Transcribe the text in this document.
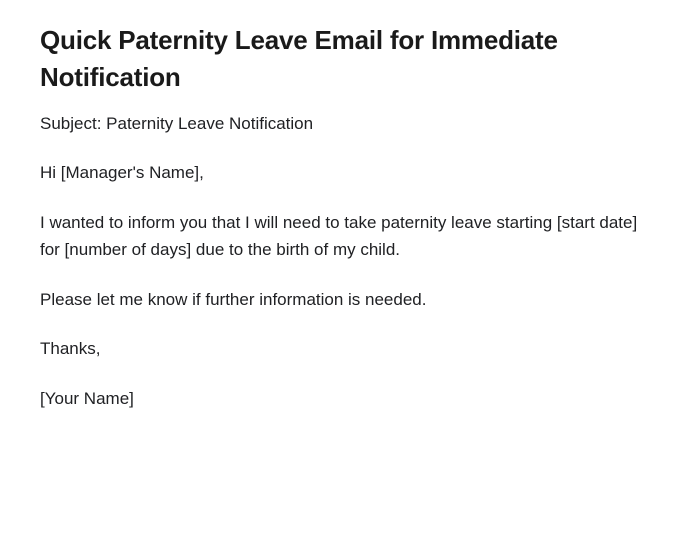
Quick Paternity Leave Email for Immediate Notification

Subject: Paternity Leave Notification

Hi [Manager's Name],

I wanted to inform you that I will need to take paternity leave starting [start date] for [number of days] due to the birth of my child.

Please let me know if further information is needed.

Thanks,

[Your Name]
